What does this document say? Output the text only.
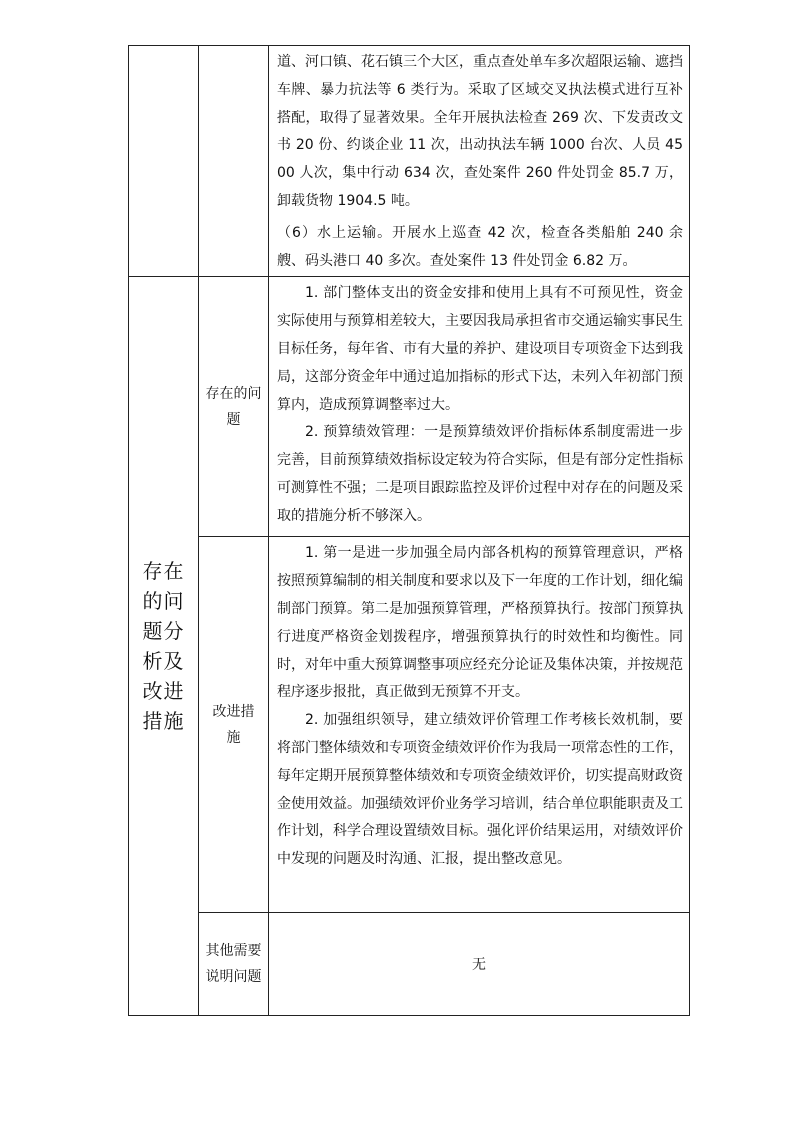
		道、河口镇、花石镇三个大区，重点查处单车多次超限运输、遮挡车牌、暴力抗法等 6 类行为。采取了区域交叉执法模式进行互补搭配，取得了显著效果。全年开展执法检查 269 次、下发责改文书 20 份、约谈企业 11 次，出动执法车辆 1000 台次、人员 4500 人次，集中行动 634 次，查处案件 260 件处罚金 85.7 万，卸载货物 1904.5 吨。
（6）水上运输。开展水上巡查 42 次，检查各类船舶 240 余艘、码头港口 40 多次。查处案件 13 件处罚金 6.82 万。

存在的问题分析及改进措施	存在的问题	1. 部门整体支出的资金安排和使用上具有不可预见性，资金实际使用与预算相差较大，主要因我局承担省市交通运输实事民生目标任务，每年省、市有大量的养护、建设项目专项资金下达到我局，这部分资金年中通过追加指标的形式下达，未列入年初部门预算内，造成预算调整率过大。
2. 预算绩效管理：一是预算绩效评价指标体系制度需进一步完善，目前预算绩效指标设定较为符合实际，但是有部分定性指标可测算性不强；二是项目跟踪监控及评价过程中对存在的问题及采取的措施分析不够深入。

	改进措施	1. 第一是进一步加强全局内部各机构的预算管理意识，严格按照预算编制的相关制度和要求以及下一年度的工作计划，细化编制部门预算。第二是加强预算管理，严格预算执行。按部门预算执行进度严格资金划拨程序，增强预算执行的时效性和均衡性。同时，对年中重大预算调整事项应经充分论证及集体决策，并按规范程序逐步报批，真正做到无预算不开支。
2. 加强组织领导，建立绩效评价管理工作考核长效机制，要将部门整体绩效和专项资金绩效评价作为我局一项常态性的工作，每年定期开展预算整体绩效和专项资金绩效评价，切实提高财政资金使用效益。加强绩效评价业务学习培训，结合单位职能职责及工作计划，科学合理设置绩效目标。强化评价结果运用，对绩效评价中发现的问题及时沟通、汇报，提出整改意见。

	其他需要说明问题	无
